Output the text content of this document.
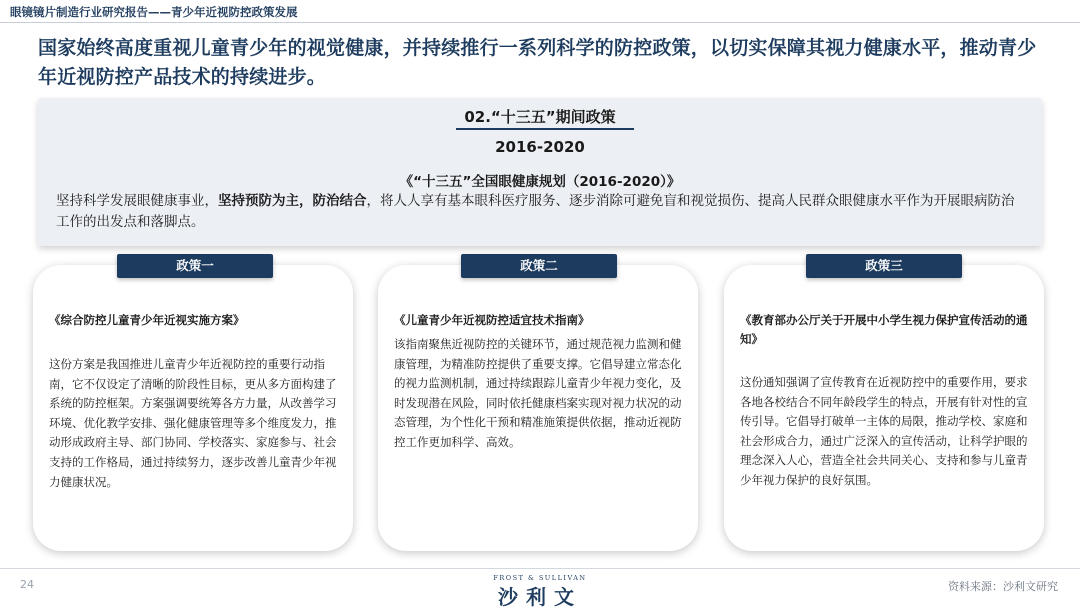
眼镜镜片制造行业研究报告——青少年近视防控政策发展
国家始终高度重视儿童青少年的视觉健康，并持续推行一系列科学的防控政策，以切实保障其视力健康水平，推动青少年近视防控产品技术的持续进步。
02.“十三五”期间政策
2016-2020
《“十三五”全国眼健康规划（2016-2020）》
坚持科学发展眼健康事业，坚持预防为主，防治结合，将人人享有基本眼科医疗服务、逐步消除可避免盲和视觉损伤、提高人民群众眼健康水平作为开展眼病防治工作的出发点和落脚点。
《综合防控儿童青少年近视实施方案》
这份方案是我国推进儿童青少年近视防控的重要行动指南，它不仅设定了清晰的阶段性目标，更从多方面构建了系统的防控框架。方案强调要统筹各方力量，从改善学习环境、优化教学安排、强化健康管理等多个维度发力，推动形成政府主导、部门协同、学校落实、家庭参与、社会支持的工作格局，通过持续努力，逐步改善儿童青少年视力健康状况。
政策一
《儿童青少年近视防控适宜技术指南》
该指南聚焦近视防控的关键环节，通过规范视力监测和健康管理，为精准防控提供了重要支撑。它倡导建立常态化的视力监测机制，通过持续跟踪儿童青少年视力变化，及时发现潜在风险，同时依托健康档案实现对视力状况的动态管理，为个性化干预和精准施策提供依据，推动近视防控工作更加科学、高效。
政策二
《教育部办公厅关于开展中小学生视力保护宣传活动的通知》
这份通知强调了宣传教育在近视防控中的重要作用，要求各地各校结合不同年龄段学生的特点，开展有针对性的宣传引导。它倡导打破单一主体的局限，推动学校、家庭和社会形成合力，通过广泛深入的宣传活动，让科学护眼的理念深入人心，营造全社会共同关心、支持和参与儿童青少年视力保护的良好氛围。
政策三
24	FROST & SULLIVAN
沙利文	资料来源：沙利文研究
